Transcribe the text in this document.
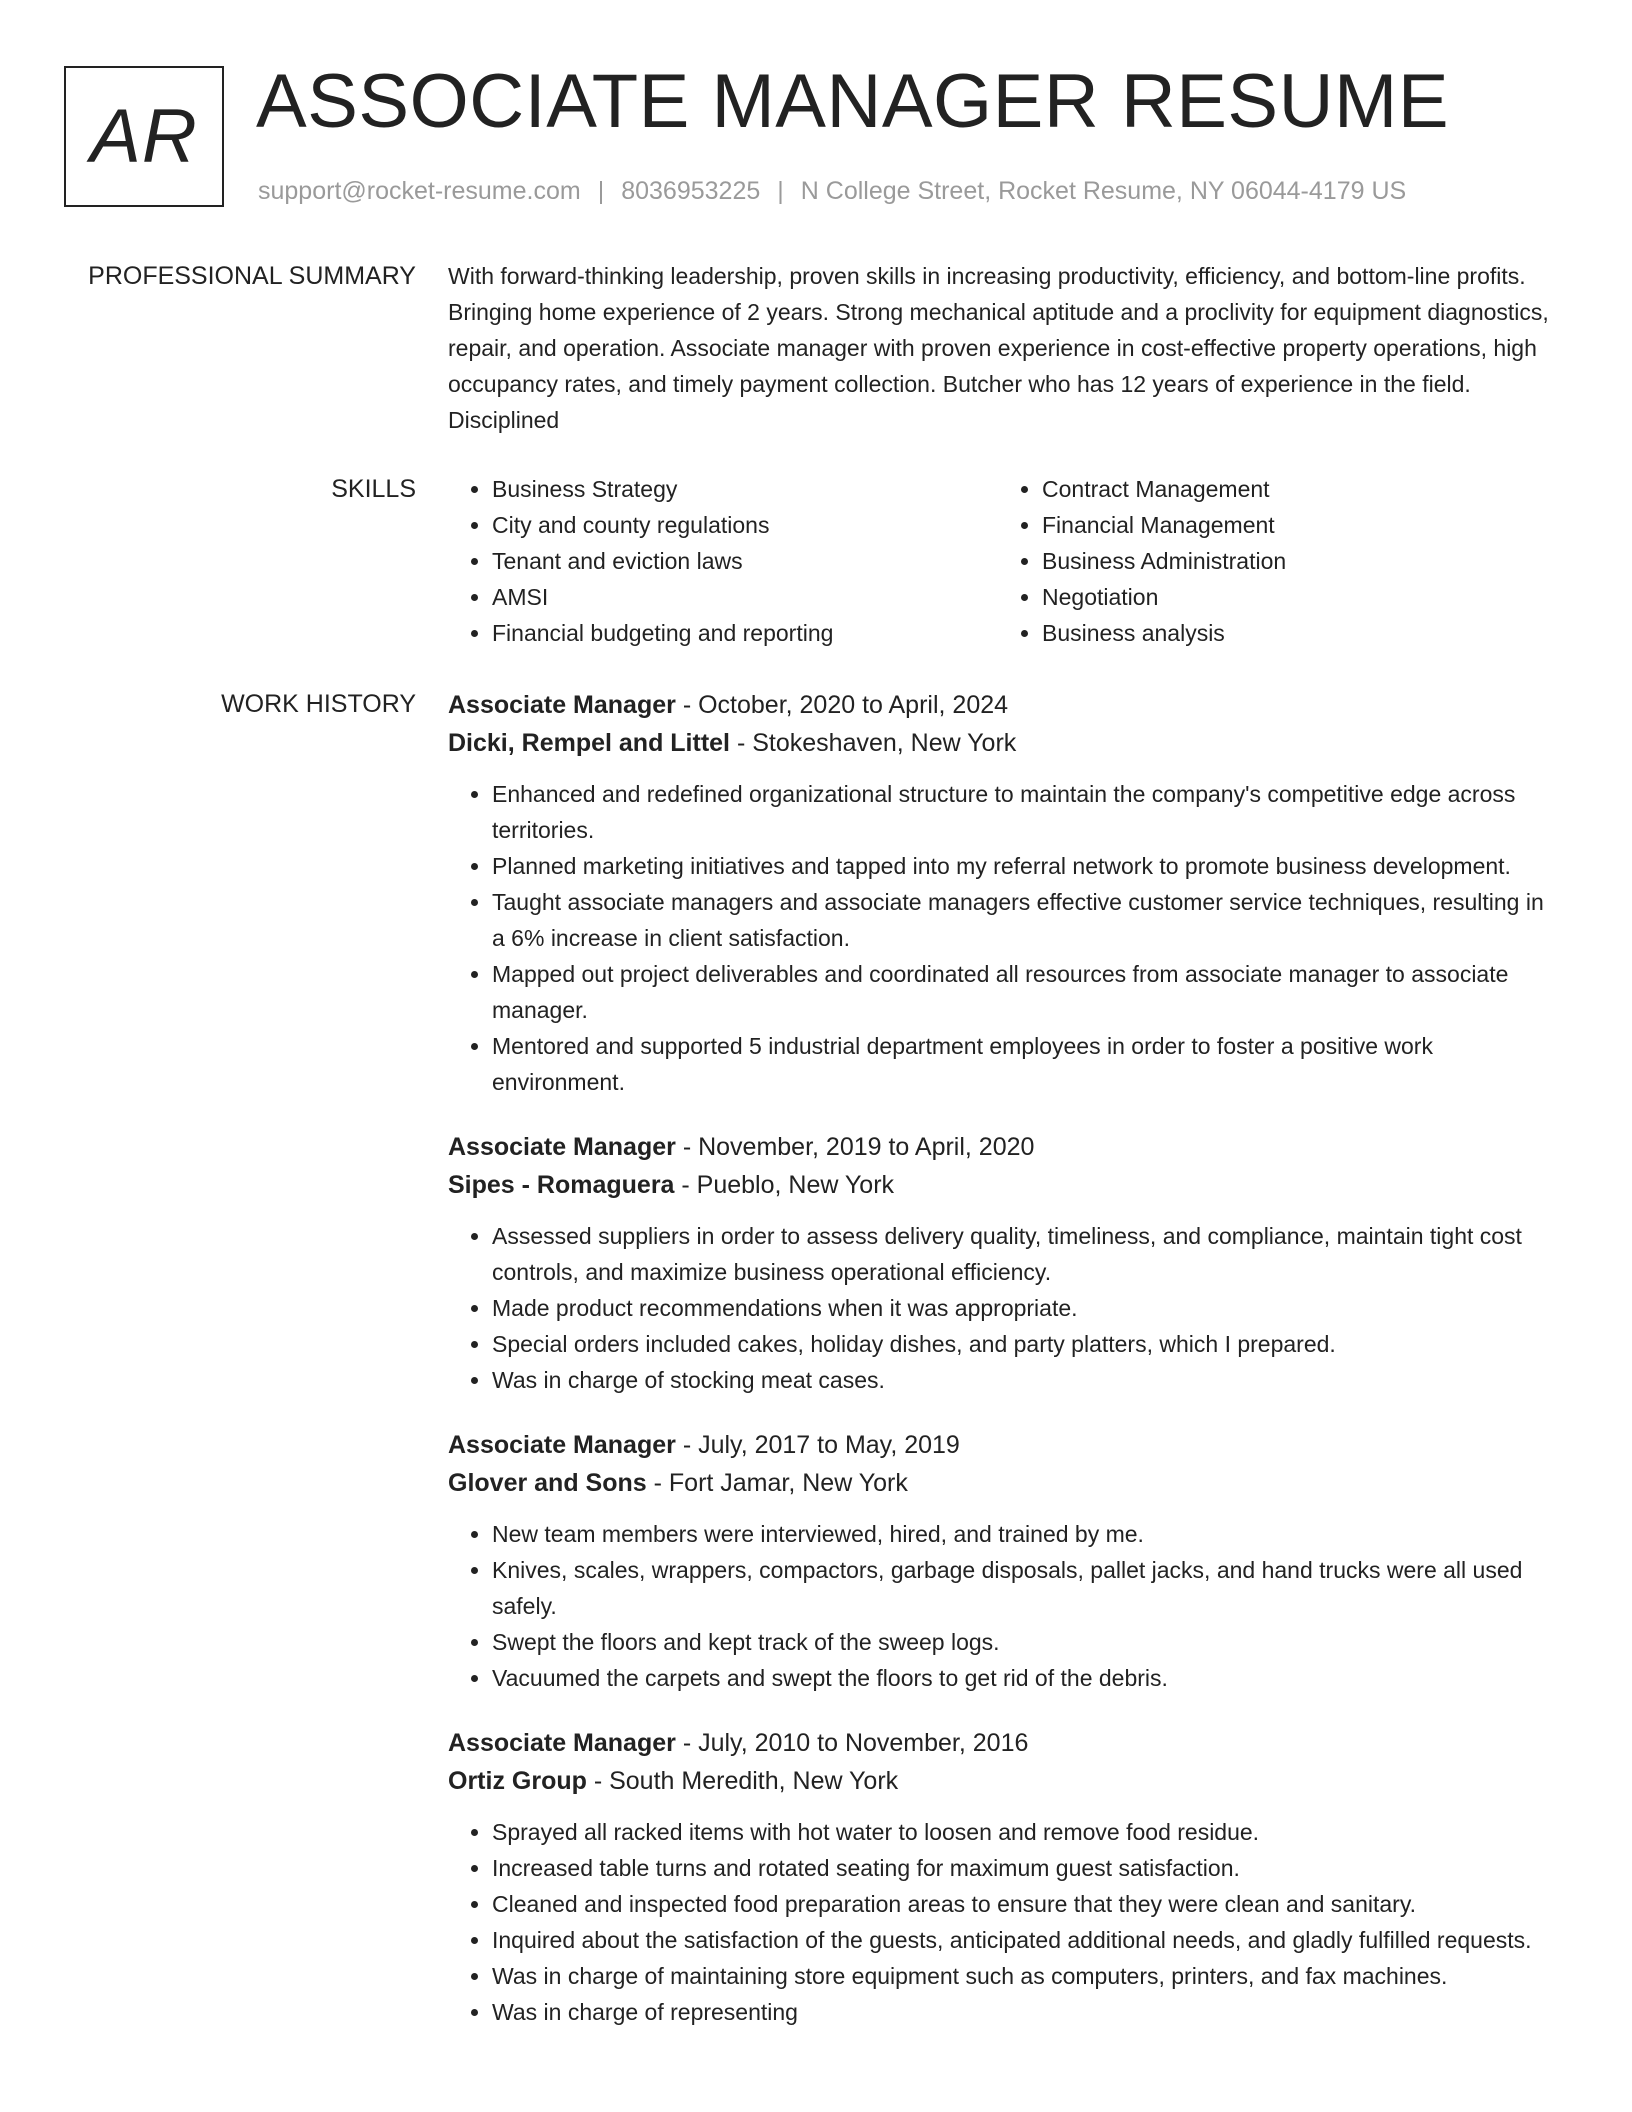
AR ASSOCIATE MANAGER RESUME
support@rocket-resume.com | 8036953225 | N College Street, Rocket Resume, NY 06044-4179 US
PROFESSIONAL SUMMARY With forward-thinking leadership, proven skills in increasing productivity, efficiency, and bottom-line profits. Bringing home experience of 2 years. Strong mechanical aptitude and a proclivity for equipment diagnostics, repair, and operation. Associate manager with proven experience in cost-effective property operations, high occupancy rates, and timely payment collection. Butcher who has 12 years of experience in the field. Disciplined

SKILLS
•	Business Strategy
• City and county regulations
• Tenant and eviction laws
• AMSI
• Financial budgeting and reporting
• Contract Management
• Financial Management
• Business Administration
• Negotiation
• Business analysis
WORK HISTORY Associate Manager - October, 2020 to April, 2024
Dicki, Rempel and Littel - Stokeshaven, New York
• Enhanced and redefined organizational structure to maintain the company's competitive edge across territories.
• Planned marketing initiatives and tapped into my referral network to promote business development.
• Taught associate managers and associate managers effective customer service techniques, resulting in a 6% increase in client satisfaction.
• Mapped out project deliverables and coordinated all resources from associate manager to associate manager.
• Mentored and supported 5 industrial department employees in order to foster a positive work environment.
Associate Manager - November, 2019 to April, 2020
Sipes - Romaguera - Pueblo, New York
• Assessed suppliers in order to assess delivery quality, timeliness, and compliance, maintain tight cost controls, and maximize business operational efficiency.
• Made product recommendations when it was appropriate.
• Special orders included cakes, holiday dishes, and party platters, which I prepared.
• Was in charge of stocking meat cases.
Associate Manager - July, 2017 to May, 2019
Glover and Sons - Fort Jamar, New York
• New team members were interviewed, hired, and trained by me.
• Knives, scales, wrappers, compactors, garbage disposals, pallet jacks, and hand trucks were all used safely.
• Swept the floors and kept track of the sweep logs.
• Vacuumed the carpets and swept the floors to get rid of the debris.
Associate Manager - July, 2010 to November, 2016
Ortiz Group - South Meredith, New York
• Sprayed all racked items with hot water to loosen and remove food residue.
• Increased table turns and rotated seating for maximum guest satisfaction.
• Cleaned and inspected food preparation areas to ensure that they were clean and sanitary.
• Inquired about the satisfaction of the guests, anticipated additional needs, and gladly fulfilled requests.
• Was in charge of maintaining store equipment such as computers, printers, and fax machines.
• Was in charge of representing
